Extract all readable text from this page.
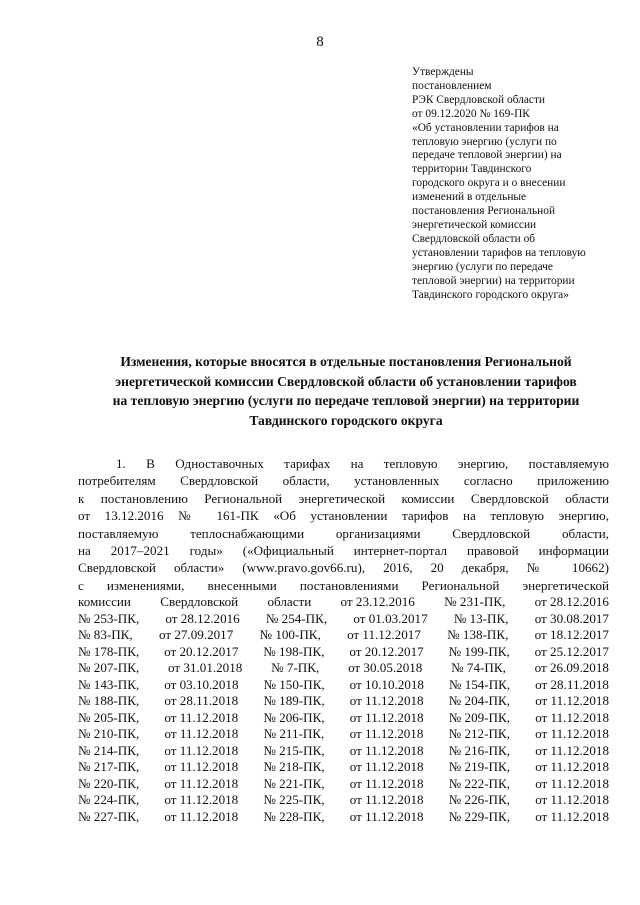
8
Утверждены
постановлением
РЭК Свердловской области
от 09.12.2020 № 169-ПК
«Об установлении тарифов на
тепловую энергию (услуги по
передаче тепловой энергии) на
территории Тавдинского
городского округа и о внесении
изменений в отдельные
постановления Региональной
энергетической комиссии
Свердловской области об
установлении тарифов на тепловую
энергию (услуги по передаче
тепловой энергии) на территории
Тавдинского городского округа»
Изменения, которые вносятся в отдельные постановления Региональной
энергетической комиссии Свердловской области об установлении тарифов
на тепловую энергию (услуги по передаче тепловой энергии) на территории
Тавдинского городского округа
1. В Одноставочных тарифах на тепловую энергию, поставляемую
потребителям Свердловской области, установленных согласно приложению
к постановлению Региональной энергетической комиссии Свердловской области
от 13.12.2016 № 161-ПК «Об установлении тарифов на тепловую энергию,
поставляемую теплоснабжающими организациями Свердловской области,
на 2017–2021 годы» («Официальный интернет-портал правовой информации
Свердловской области» (www.pravo.gov66.ru), 2016, 20 декабря, № 10662)
с изменениями, внесенными постановлениями Региональной энергетической
комиссии Свердловской области от 23.12.2016 № 231-ПК, от 28.12.2016
№ 253-ПК, от 28.12.2016 № 254-ПК, от 01.03.2017 № 13-ПК, от 30.08.2017
№ 83-ПК, от 27.09.2017 № 100-ПК, от 11.12.2017 № 138-ПК, от 18.12.2017
№ 178-ПК, от 20.12.2017 № 198-ПК, от 20.12.2017 № 199-ПК, от 25.12.2017
№ 207-ПК, от 31.01.2018 № 7-ПК, от 30.05.2018 № 74-ПК, от 26.09.2018
№ 143-ПК, от 03.10.2018 № 150-ПК, от 10.10.2018 № 154-ПК, от 28.11.2018
№ 188-ПК, от 28.11.2018 № 189-ПК, от 11.12.2018 № 204-ПК, от 11.12.2018
№ 205-ПК, от 11.12.2018 № 206-ПК, от 11.12.2018 № 209-ПК, от 11.12.2018
№ 210-ПК, от 11.12.2018 № 211-ПК, от 11.12.2018 № 212-ПК, от 11.12.2018
№ 214-ПК, от 11.12.2018 № 215-ПК, от 11.12.2018 № 216-ПК, от 11.12.2018
№ 217-ПК, от 11.12.2018 № 218-ПК, от 11.12.2018 № 219-ПК, от 11.12.2018
№ 220-ПК, от 11.12.2018 № 221-ПК, от 11.12.2018 № 222-ПК, от 11.12.2018
№ 224-ПК, от 11.12.2018 № 225-ПК, от 11.12.2018 № 226-ПК, от 11.12.2018
№ 227-ПК, от 11.12.2018 № 228-ПК, от 11.12.2018 № 229-ПК, от 11.12.2018
